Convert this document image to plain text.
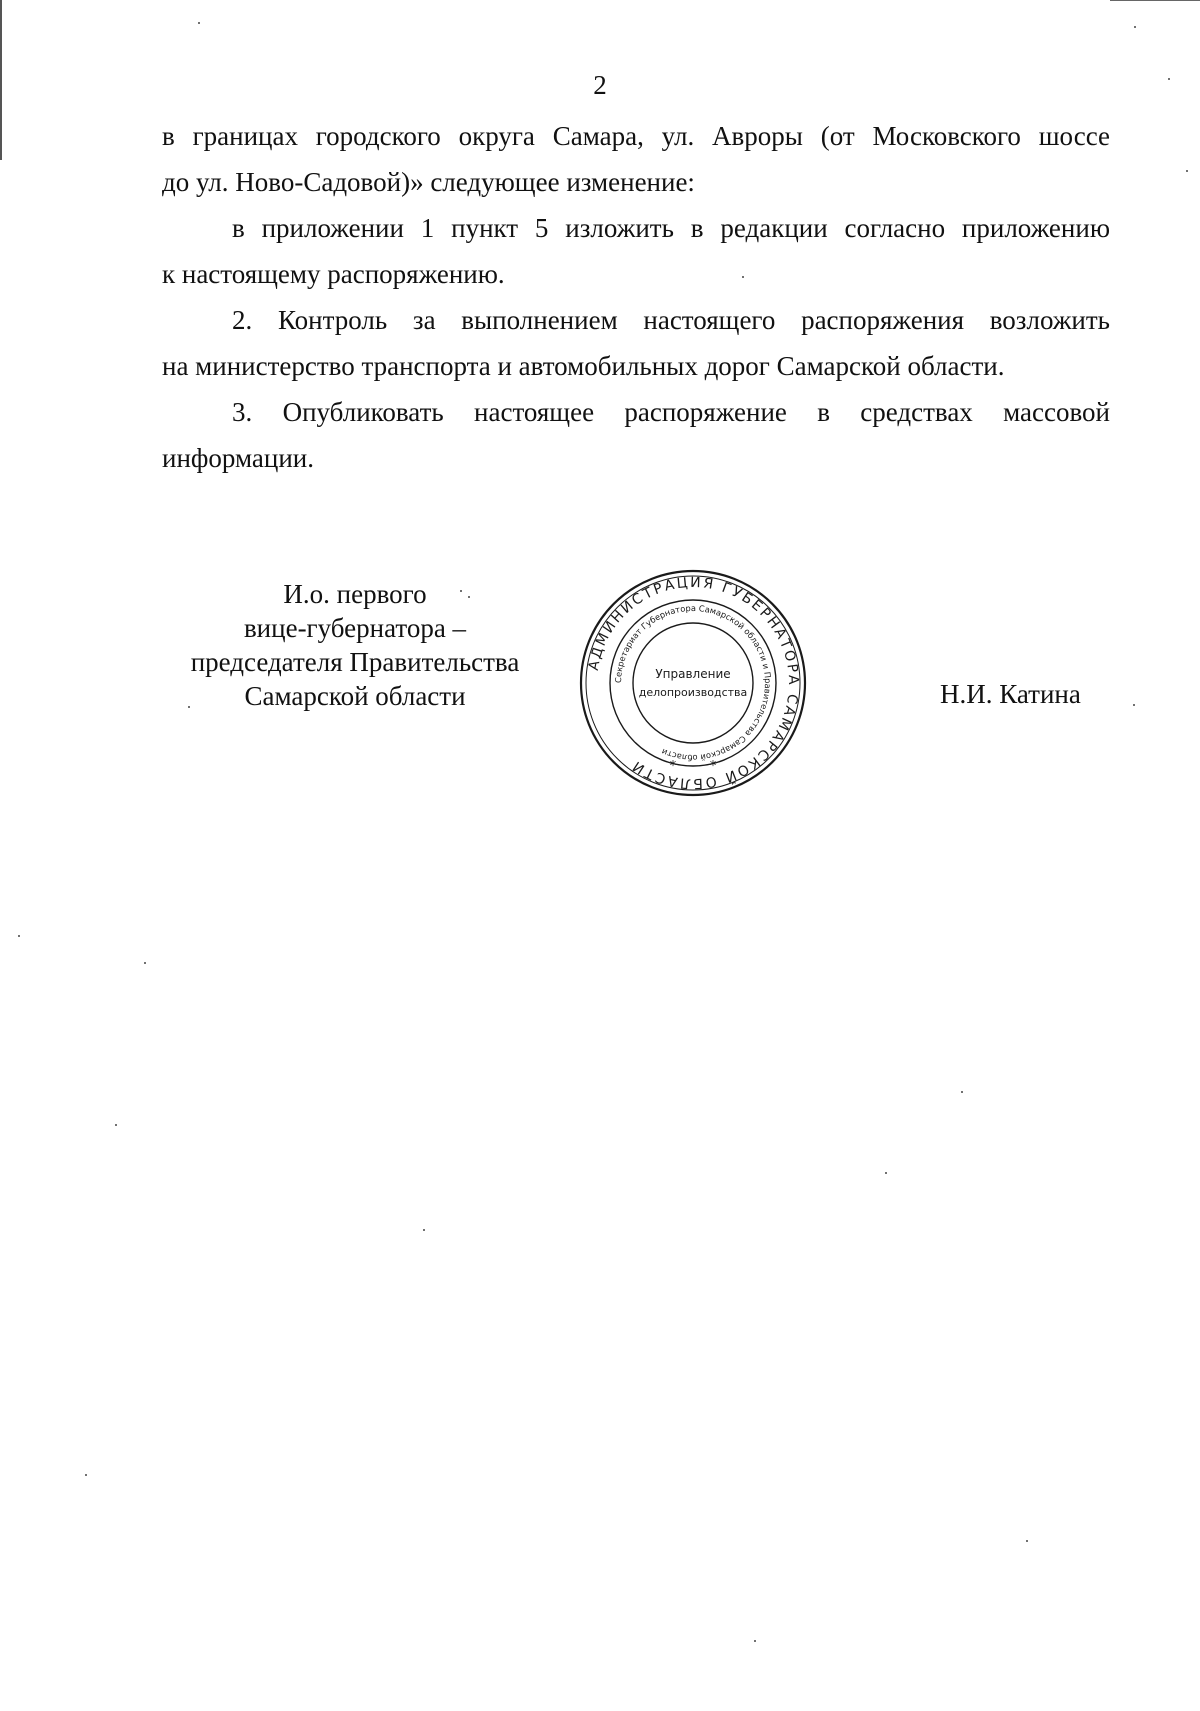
2

в границах городского округа Самара, ул. Авроры (от Московского шоссе
до ул. Ново-Садовой)» следующее изменение:

в приложении 1 пункт 5 изложить в редакции согласно приложению
к настоящему распоряжению.

2. Контроль за выполнением настоящего распоряжения возложить
на министерство транспорта и автомобильных дорог Самарской области.

3. Опубликовать настоящее распоряжение в средствах массовой
информации.

И.о. первого
вице-губернатора –
председателя Правительства
Самарской области
АДМИНИСТРАЦИЯ ГУБЕРНАТОРА САМАРСКОЙ ОБЛАСТИ
Секретариат Губернатора Самарской области и Правительства Самарской области
Управление
делопроизводства
*	*
Н.И. Катина
